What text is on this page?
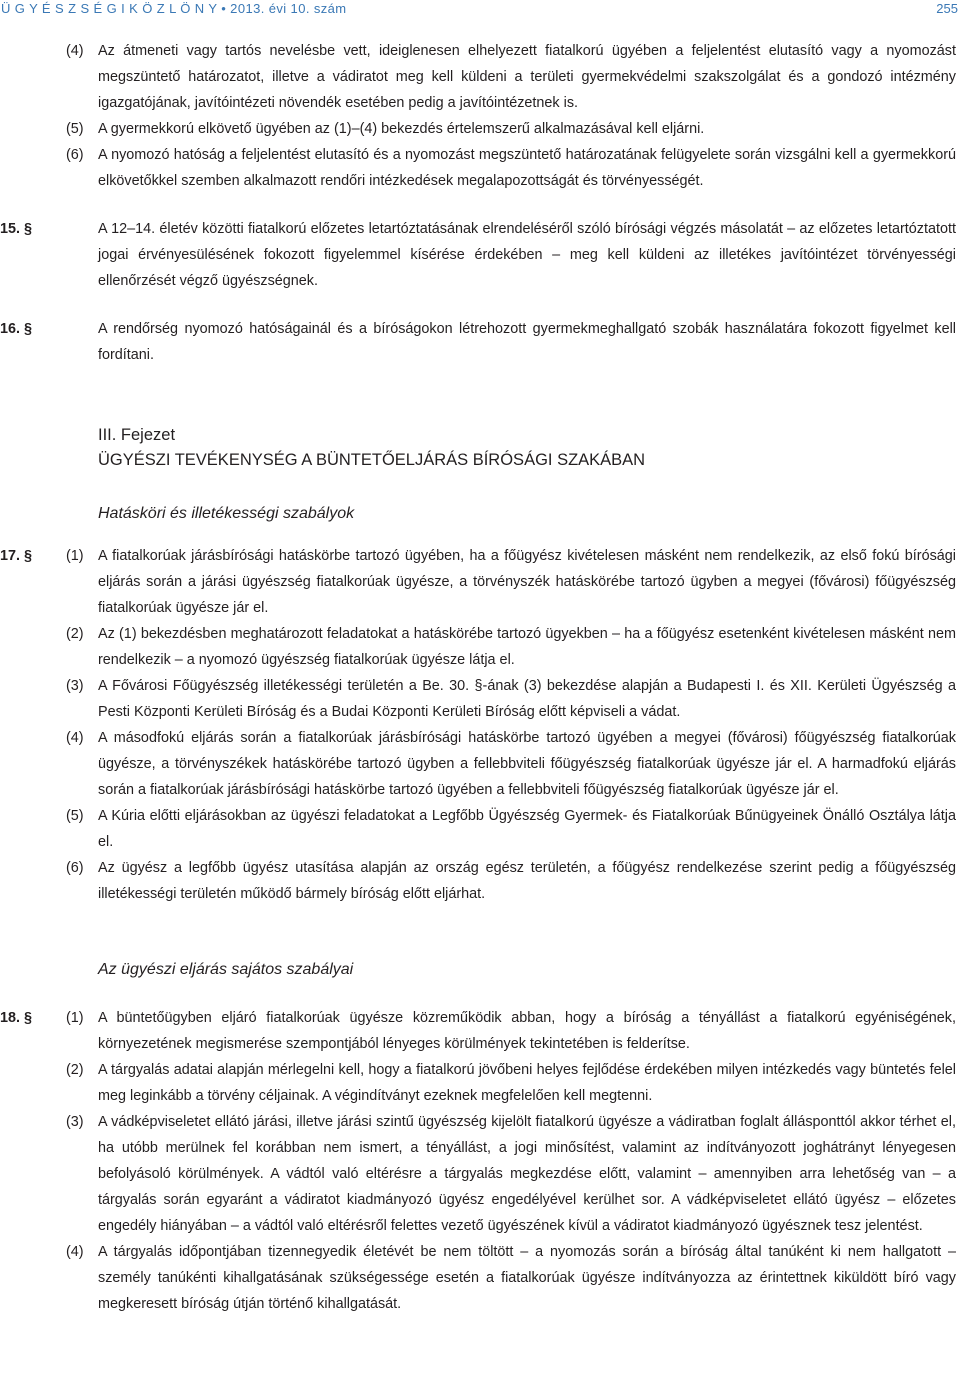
Ü G Y É S Z S É G I K Ö Z L Ö N Y • 2013. évi 10. szám	255
(4) Az átmeneti vagy tartós nevelésbe vett, ideiglenesen elhelyezett fiatalkorú ügyében a feljelentést elutasító vagy a nyomozást megszüntető határozatot, illetve a vádiratot meg kell küldeni a területi gyermekvédelmi szakszolgálat és a gondozó intézmény igazgatójának, javítóintézeti növendék esetében pedig a javítóintézetnek is.
(5) A gyermekkorú elkövető ügyében az (1)–(4) bekezdés értelemszerű alkalmazásával kell eljárni.
(6) A nyomozó hatóság a feljelentést elutasító és a nyomozást megszüntető határozatának felügyelete során vizsgálni kell a gyermekkorú elkövetőkkel szemben alkalmazott rendőri intézkedések megalapozottságát és törvényességét.
15. §	A 12–14. életév közötti fiatalkorú előzetes letartóztatásának elrendeléséről szóló bírósági végzés másolatát – az előzetes letartóztatott jogai érvényesülésének fokozott figyelemmel kísérése érdekében – meg kell küldeni az illetékes javítóintézet törvényességi ellenőrzését végző ügyészségnek.
16. §	A rendőrség nyomozó hatóságainál és a bíróságokon létrehozott gyermekmeghallgató szobák használatára fokozott figyelmet kell fordítani.
III. Fejezet
ÜGYÉSZI TEVÉKENYSÉG A BÜNTETŐELJÁRÁS BÍRÓSÁGI SZAKÁBAN
Hatásköri és illetékességi szabályok
17. § (1) A fiatalkorúak járásbírósági hatáskörbe tartozó ügyében, ha a főügyész kivételesen másként nem rendelkezik, az első fokú bírósági eljárás során a járási ügyészség fiatalkorúak ügyésze, a törvényszék hatáskörébe tartozó ügyben a megyei (fővárosi) főügyészség fiatalkorúak ügyésze jár el.
(2) Az (1) bekezdésben meghatározott feladatokat a hatáskörébe tartozó ügyekben – ha a főügyész esetenként kivételesen másként nem rendelkezik – a nyomozó ügyészség fiatalkorúak ügyésze látja el.
(3) A Fővárosi Főügyészség illetékességi területén a Be. 30. §-ának (3) bekezdése alapján a Budapesti I. és XII. Kerületi Ügyészség a Pesti Központi Kerületi Bíróság és a Budai Központi Kerületi Bíróság előtt képviseli a vádat.
(4) A másodfokú eljárás során a fiatalkorúak járásbírósági hatáskörbe tartozó ügyében a megyei (fővárosi) főügyészség fiatalkorúak ügyésze, a törvényszékek hatáskörébe tartozó ügyben a fellebbviteli főügyészség fiatalkorúak ügyésze jár el. A harmadfokú eljárás során a fiatalkorúak járásbírósági hatáskörbe tartozó ügyében a fellebbviteli főügyészség fiatalkorúak ügyésze jár el.
(5) A Kúria előtti eljárásokban az ügyészi feladatokat a Legfőbb Ügyészség Gyermek- és Fiatalkorúak Bűnügyeinek Önálló Osztálya látja el.
(6) Az ügyész a legfőbb ügyész utasítása alapján az ország egész területén, a főügyész rendelkezése szerint pedig a főügyészség illetékességi területén működő bármely bíróság előtt eljárhat.
Az ügyészi eljárás sajátos szabályai
18. § (1) A büntetőügyben eljáró fiatalkorúak ügyésze közreműködik abban, hogy a bíróság a tényállást a fiatalkorú egyéniségének, környezetének megismerése szempontjából lényeges körülmények tekintetében is felderítse.
(2) A tárgyalás adatai alapján mérlegelni kell, hogy a fiatalkorú jövőbeni helyes fejlődése érdekében milyen intézkedés vagy büntetés felel meg leginkább a törvény céljainak. A végindítványt ezeknek megfelelően kell megtenni.
(3) A vádképviseletet ellátó járási, illetve járási szintű ügyészség kijelölt fiatalkorú ügyésze a vádiratban foglalt állásponttól akkor térhet el, ha utóbb merülnek fel korábban nem ismert, a tényállást, a jogi minősítést, valamint az indítványozott joghátrányt lényegesen befolyásoló körülmények. A vádtól való eltérésre a tárgyalás megkezdése előtt, valamint – amennyiben arra lehetőség van – a tárgyalás során egyaránt a vádiratot kiadmányozó ügyész engedélyével kerülhet sor. A vádképviseletet ellátó ügyész – előzetes engedély hiányában – a vádtól való eltérésről felettes vezető ügyészének kívül a vádiratot kiadmányozó ügyésznek tesz jelentést.
(4) A tárgyalás időpontjában tizennegyedik életévét be nem töltött – a nyomozás során a bíróság által tanúként ki nem hallgatott – személy tanúkénti kihallgatásának szükségessége esetén a fiatalkorúak ügyésze indítványozza az érintettnek kiküldött bíró vagy megkeresett bíróság útján történő kihallgatását.
